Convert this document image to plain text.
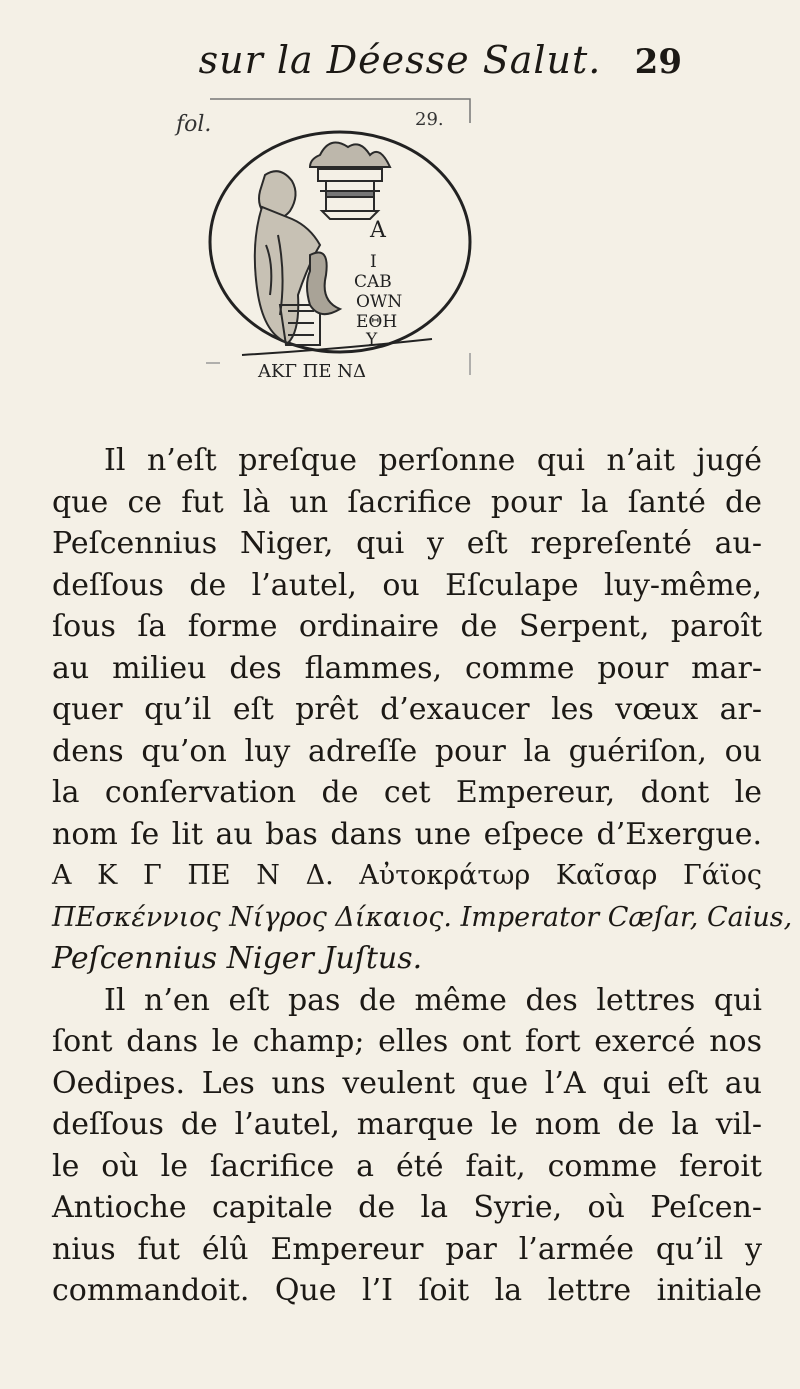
sur la Déesse Salut. 29
fol.	29.
A
I
CAB
OWN
EΘH
Y
AKΓ ΠΕ ΝΔ
Il n’eſt preſque perſonne qui n’ait jugé
que ce fut là un ſacrifice pour la ſanté de
Peſcennius Niger, qui y eſt repreſenté au-
deſſous de l’autel, ou Eſculape luy-même,
ſous ſa forme ordinaire de Serpent, paroît
au milieu des flammes, comme pour mar-
quer qu’il eſt prêt d’exaucer les vœux ar-
dens qu’on luy adreſſe pour la guériſon, ou
la conſervation de cet Empereur, dont le
nom ſe lit au bas dans une eſpece d’Exergue.
A K Γ ΠΕ Ν Δ. Αὐτοκράτωρ Καῖσαρ Γάϊος
ΠΕσκέννιος Νίγρος Δίκαιος. Imperator Cæſar, Caius,
Peſcennius Niger Juſtus.
Il n’en eſt pas de même des lettres qui
ſont dans le champ; elles ont fort exercé nos
Oedipes. Les uns veulent que l’A qui eſt au
deſſous de l’autel, marque le nom de la vil-
le où le ſacrifice a été fait, comme feroit
Antioche capitale de la Syrie, où Peſcen-
nius fut élû Empereur par l’armée qu’il y
commandoit. Que l’I ſoit la lettre initiale
